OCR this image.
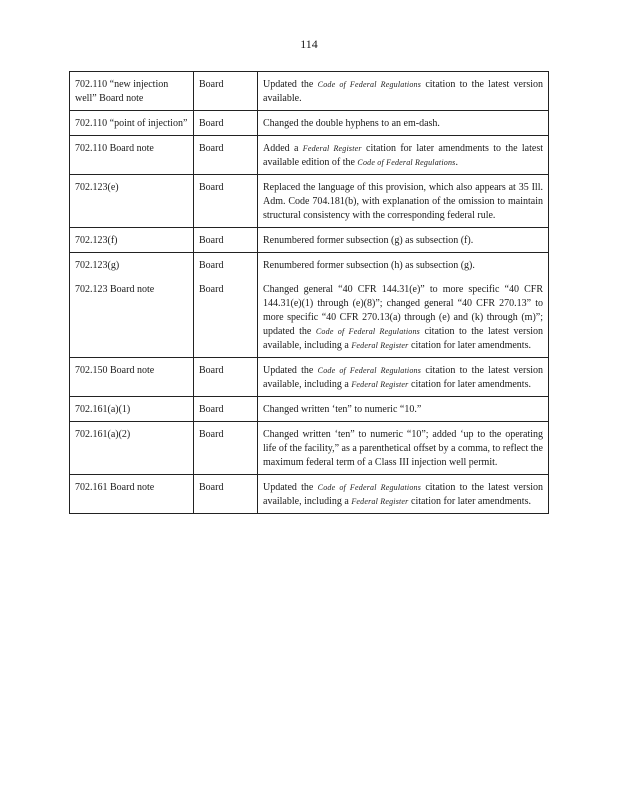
114
702.110 “new injection well” Board note	Board	Updated the Code of Federal Regulations citation to the latest version available.
702.110 “point of injection”	Board	Changed the double hyphens to an em-dash.
702.110 Board note	Board	Added a Federal Register citation for later amendments to the latest available edition of the Code of Federal Regulations.
702.123(e)	Board	Replaced the language of this provision, which also appears at 35 Ill. Adm. Code 704.181(b), with explanation of the omission to maintain structural consistency with the corresponding federal rule.
702.123(f)	Board	Renumbered former subsection (g) as subsection (f).
702.123(g)	Board	Renumbered former subsection (h) as subsection (g).
702.123 Board note	Board	Changed general “40 CFR 144.31(e)” to more specific “40 CFR 144.31(e)(1) through (e)(8)”; changed general “40 CFR 270.13” to more specific “40 CFR 270.13(a) through (e) and (k) through (m)”; updated the Code of Federal Regulations citation to the latest version available, including a Federal Register citation for later amendments.
702.150 Board note	Board	Updated the Code of Federal Regulations citation to the latest version available, including a Federal Register citation for later amendments.
702.161(a)(1)	Board	Changed written ‘ten” to numeric “10.”
702.161(a)(2)	Board	Changed written ‘ten” to numeric “10”; added ‘up to the operating life of the facility,” as a parenthetical offset by a comma, to reflect the maximum federal term of a Class III injection well permit.
702.161 Board note	Board	Updated the Code of Federal Regulations citation to the latest version available, including a Federal Register citation for later amendments.
